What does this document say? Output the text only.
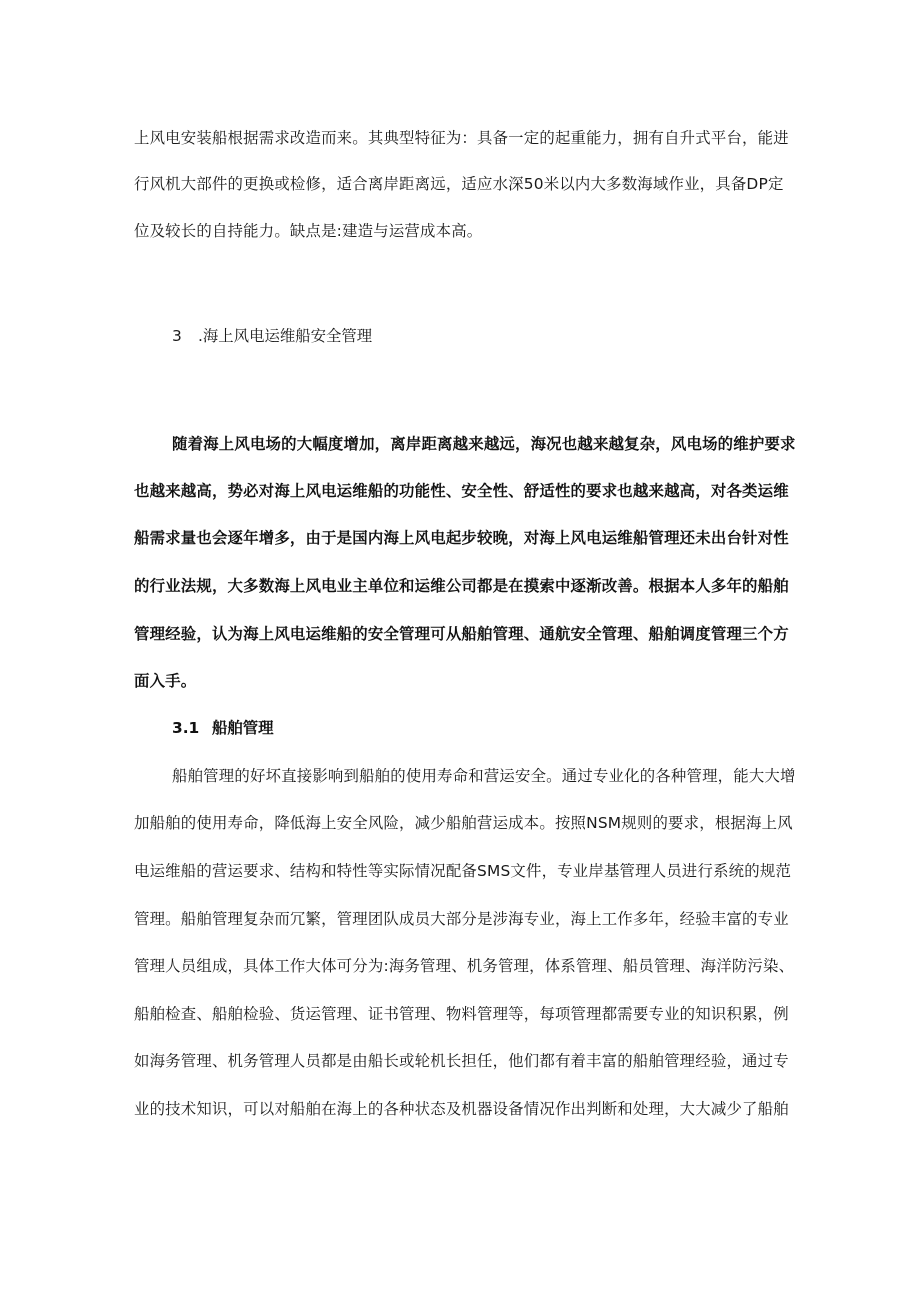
上风电安装船根据需求改造而来。其典型特征为：具备一定的起重能力，拥有自升式平台，能进
行风机大部件的更换或检修，适合离岸距离远，适应水深50米以内大多数海域作业，具备DP定
位及较长的自持能力。缺点是:建造与运营成本高。
3 .海上风电运维船安全管理
随着海上风电场的大幅度增加，离岸距离越来越远，海况也越来越复杂，风电场的维护要求
也越来越高，势必对海上风电运维船的功能性、安全性、舒适性的要求也越来越高，对各类运维
船需求量也会逐年增多，由于是国内海上风电起步较晚，对海上风电运维船管理还未出台针对性
的行业法规，大多数海上风电业主单位和运维公司都是在摸索中逐渐改善。根据本人多年的船舶
管理经验，认为海上风电运维船的安全管理可从船舶管理、通航安全管理、船舶调度管理三个方
面入手。
3.1 船舶管理
船舶管理的好坏直接影响到船舶的使用寿命和营运安全。通过专业化的各种管理，能大大增
加船舶的使用寿命，降低海上安全风险，减少船舶营运成本。按照NSM规则的要求，根据海上风
电运维船的营运要求、结构和特性等实际情况配备SMS文件，专业岸基管理人员进行系统的规范
管理。船舶管理复杂而冗繁，管理团队成员大部分是涉海专业，海上工作多年，经验丰富的专业
管理人员组成，具体工作大体可分为:海务管理、机务管理，体系管理、船员管理、海洋防污染、
船舶检查、船舶检验、货运管理、证书管理、物料管理等，每项管理都需要专业的知识积累，例
如海务管理、机务管理人员都是由船长或轮机长担任，他们都有着丰富的船舶管理经验，通过专
业的技术知识，可以对船舶在海上的各种状态及机器设备情况作出判断和处理，大大减少了船舶
